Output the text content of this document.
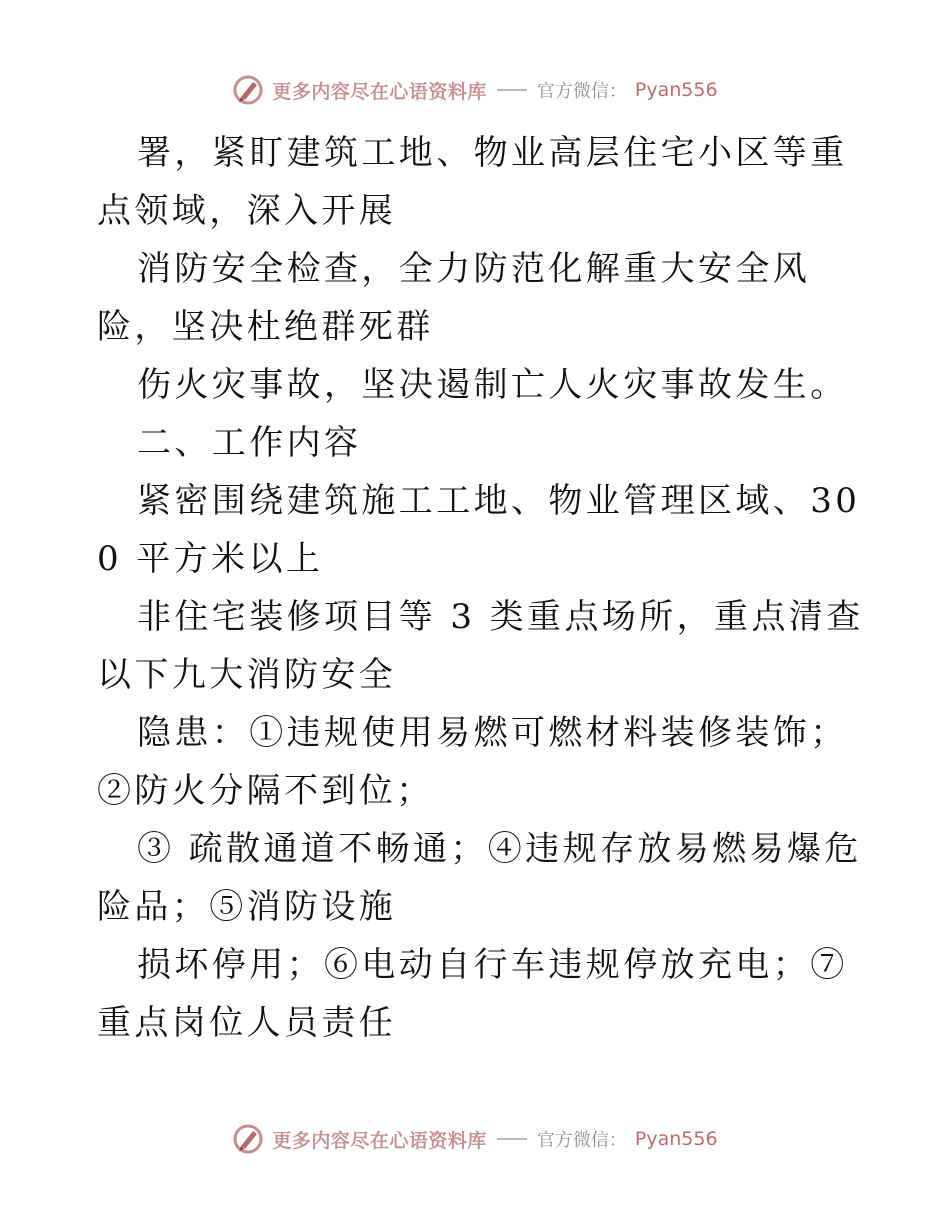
更多内容尽在心语资料库	官方微信： Pyan556

署，紧盯建筑工地、物业高层住宅小区等重点领域，深入开展

消防安全检查，全力防范化解重大安全风险，坚决杜绝群死群

伤火灾事故，坚决遏制亡人火灾事故发生。

二、工作内容

紧密围绕建筑施工工地、物业管理区域、300 平方米以上

非住宅装修项目等 3 类重点场所，重点清查以下九大消防安全

隐患：①违规使用易燃可燃材料装修装饰；②防火分隔不到位；

③ 疏散通道不畅通；④违规存放易燃易爆危险品；⑤消防设施

损坏停用；⑥电动自行车违规停放充电；⑦重点岗位人员责任

更多内容尽在心语资料库	官方微信： Pyan556
